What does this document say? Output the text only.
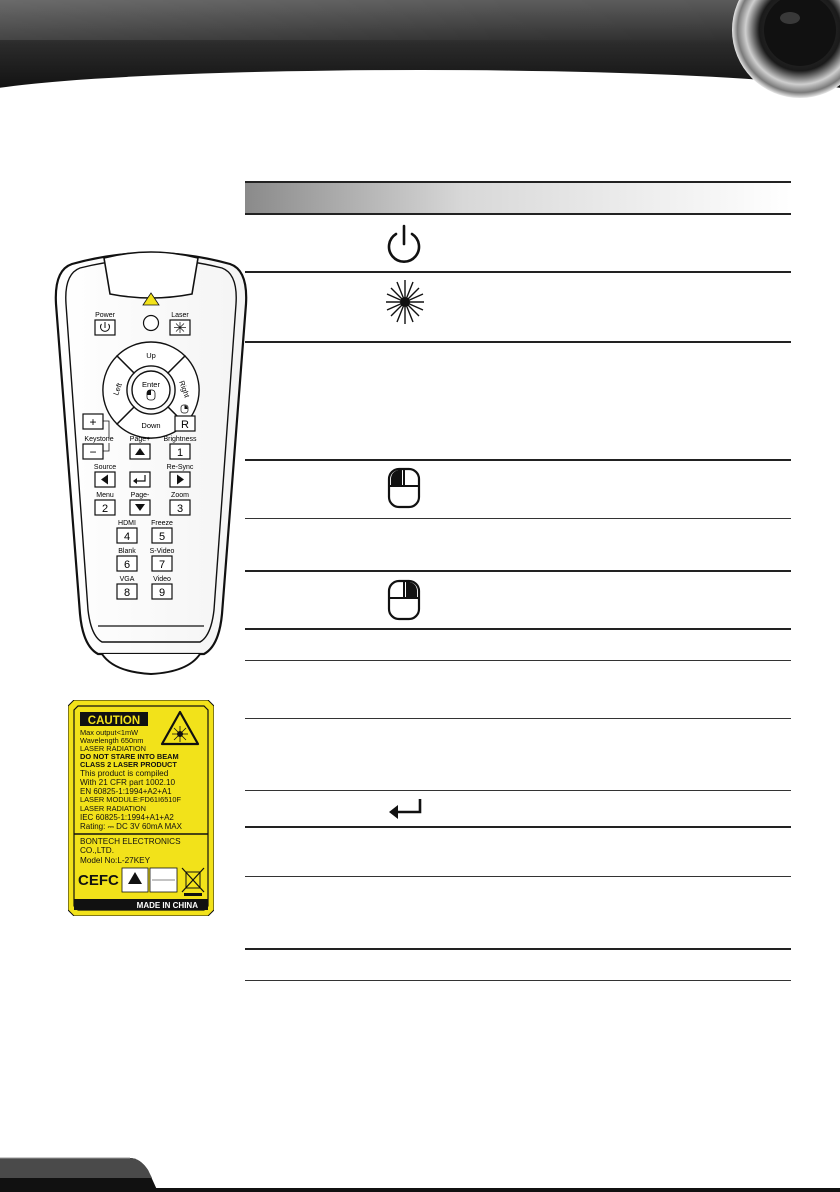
Power	Laser
Up
Down
Left	Right
Enter
R
+
Keystone
−
Page+ Brightness
1
Source	Re-Sync
Menu
2
Page-	Zoom
3
HDMI
4
Freeze
5
Blank
6
S-Video
7
VGA
8
Video
9
CAUTION
Max output<1mW
Wavelength 650nm
LASER RADIATION
DO NOT STARE INTO BEAM
CLASS 2 LASER PRODUCT
This product is compiled
With 21 CFR part 1002.10
EN 60825-1:1994+A2+A1
LASER MODULE:FD61I6510F
LASER RADIATION
IEC 60825-1:1994+A1+A2
Rating: ⎓ DC 3V 60mA MAX
BONTECH ELECTRONICS
CO.,LTD.
Model No:L-27KEY
CEFC
MADE IN CHINA
